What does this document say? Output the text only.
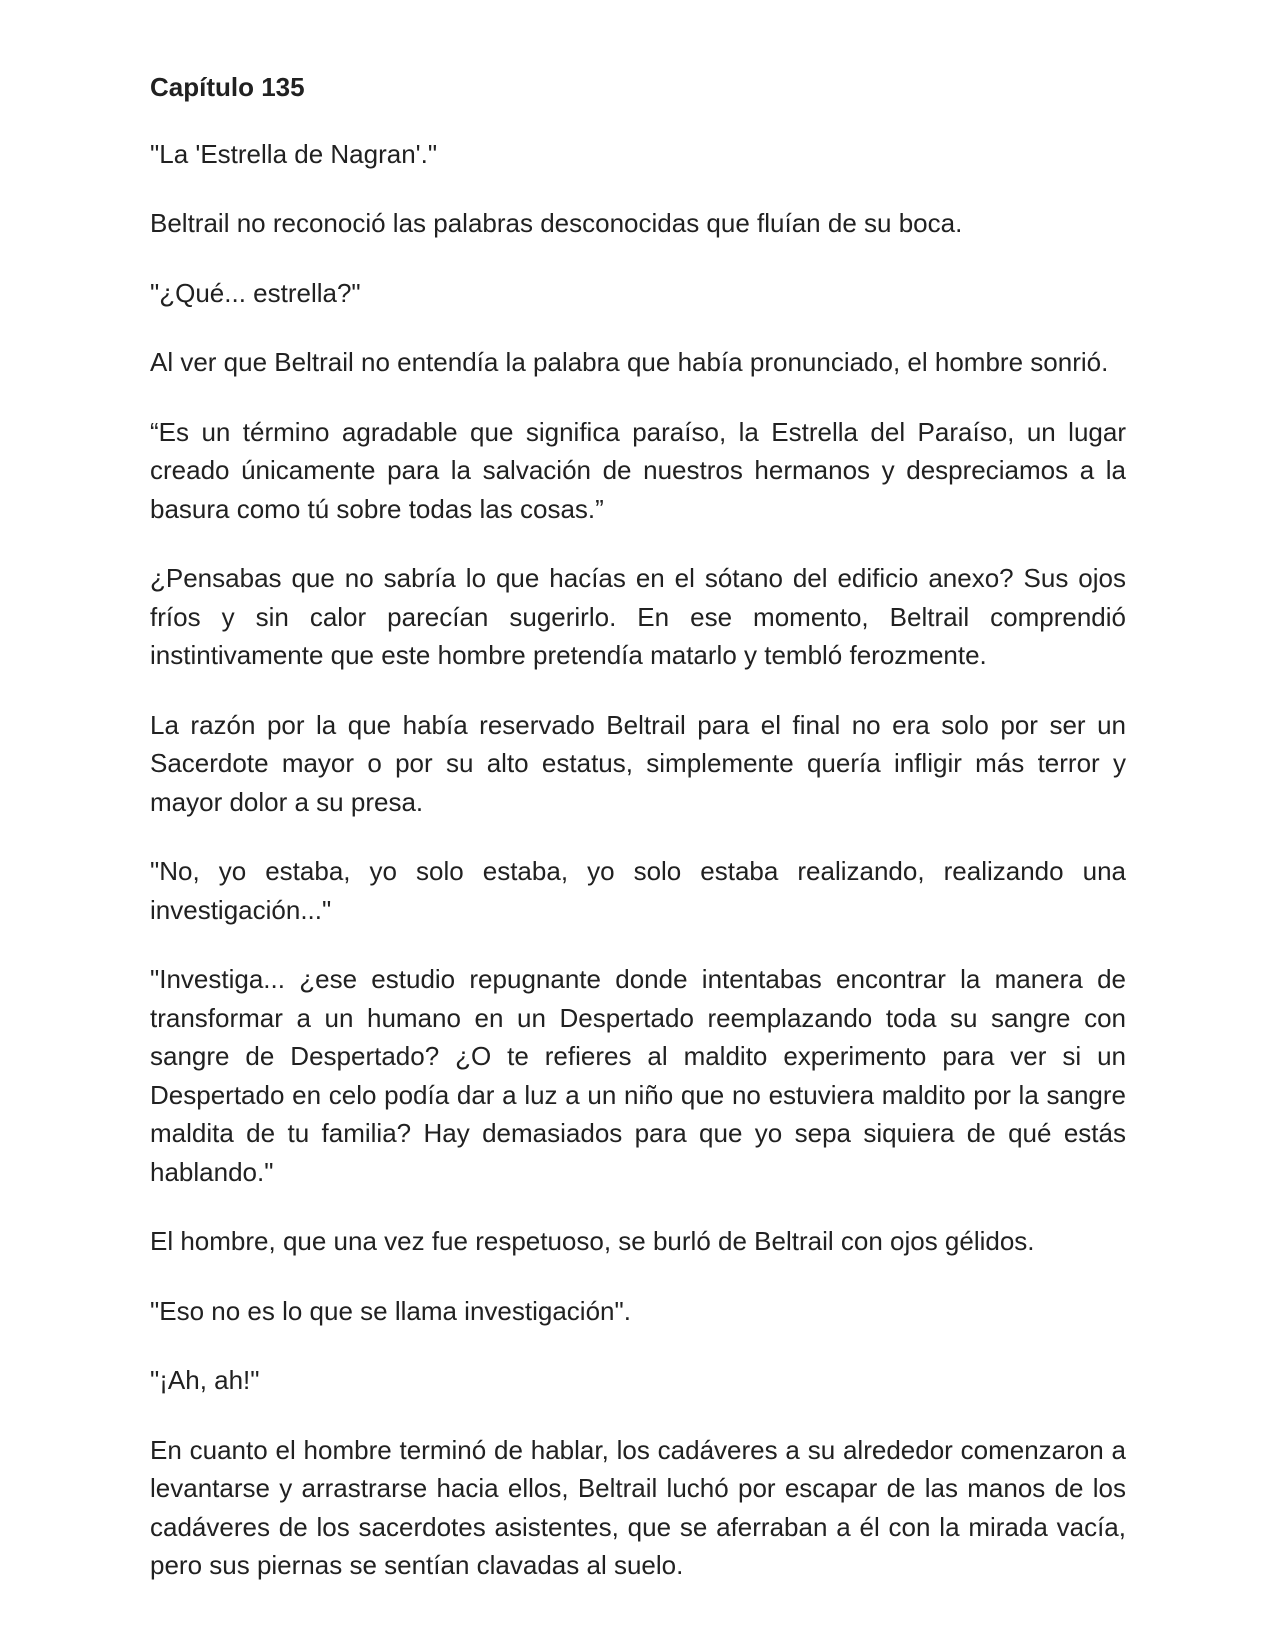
Capítulo 135

"La 'Estrella de Nagran'."

Beltrail no reconoció las palabras desconocidas que fluían de su boca.

"¿Qué... estrella?"

Al ver que Beltrail no entendía la palabra que había pronunciado, el hombre sonrió.

“Es un término agradable que significa paraíso, la Estrella del Paraíso, un lugar creado únicamente para la salvación de nuestros hermanos y despreciamos a la basura como tú sobre todas las cosas.”

¿Pensabas que no sabría lo que hacías en el sótano del edificio anexo? Sus ojos fríos y sin calor parecían sugerirlo. En ese momento, Beltrail comprendió instintivamente que este hombre pretendía matarlo y tembló ferozmente.

La razón por la que había reservado Beltrail para el final no era solo por ser un Sacerdote mayor o por su alto estatus, simplemente quería infligir más terror y mayor dolor a su presa.

"No, yo estaba, yo solo estaba, yo solo estaba realizando, realizando una investigación..."

"Investiga... ¿ese estudio repugnante donde intentabas encontrar la manera de transformar a un humano en un Despertado reemplazando toda su sangre con sangre de Despertado? ¿O te refieres al maldito experimento para ver si un Despertado en celo podía dar a luz a un niño que no estuviera maldito por la sangre maldita de tu familia? Hay demasiados para que yo sepa siquiera de qué estás hablando."

El hombre, que una vez fue respetuoso, se burló de Beltrail con ojos gélidos.

"Eso no es lo que se llama investigación".

"¡Ah, ah!"

En cuanto el hombre terminó de hablar, los cadáveres a su alrededor comenzaron a levantarse y arrastrarse hacia ellos, Beltrail luchó por escapar de las manos de los cadáveres de los sacerdotes asistentes, que se aferraban a él con la mirada vacía, pero sus piernas se sentían clavadas al suelo.
